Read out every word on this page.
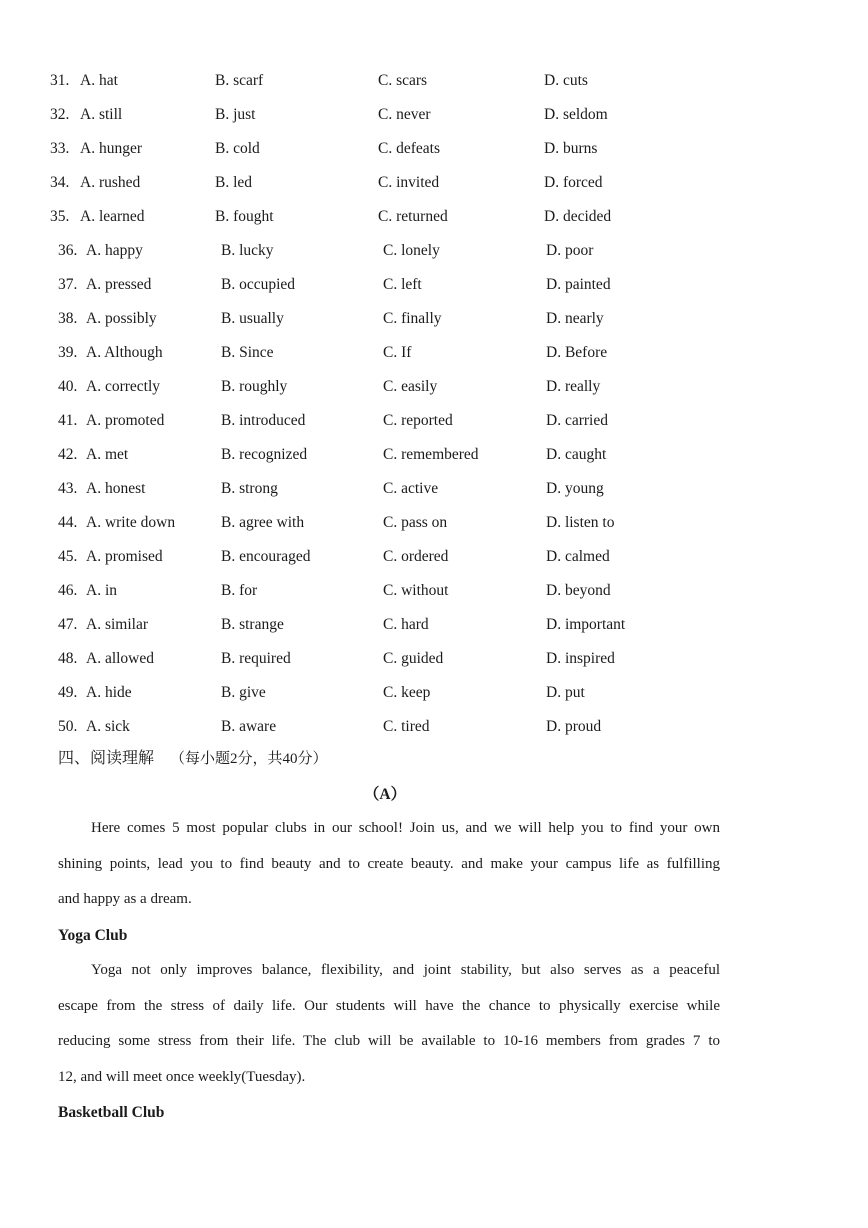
31. A. hat	B. scarf	C. scars	D. cuts
32. A. still	B. just	C. never	D. seldom
33. A. hunger	B. cold	C. defeats	D. burns
34. A. rushed	B. led	C. invited	D. forced
35. A. learned	B. fought	C. returned	D. decided
36. A. happy	B. lucky	C. lonely	D. poor
37. A. pressed	B. occupied	C. left	D. painted
38. A. possibly	B. usually	C. finally	D. nearly
39. A. Although	B. Since	C. If	D. Before
40. A. correctly	B. roughly	C. easily	D. really
41. A. promoted	B. introduced	C. reported	D. carried
42. A. met	B. recognized	C. remembered	D. caught
43. A. honest	B. strong	C. active	D. young
44. A. write down	B. agree with	C. pass on	D. listen to
45. A. promised	B. encouraged	C. ordered	D. calmed
46. A. in	B. for	C. without	D. beyond
47. A. similar	B. strange	C. hard	D. important
48. A. allowed	B. required	C. guided	D. inspired
49. A. hide	B. give	C. keep	D. put
50. A. sick	B. aware	C. tired	D. proud
四、阅读理解 （每小题2分，共40分）
（A）
Here comes 5 most popular clubs in our school! Join us, and we will help you to find your own
shining points, lead you to find beauty and to create beauty. and make your campus life as fulfilling
and happy as a dream.
Yoga Club
Yoga not only improves balance, flexibility, and joint stability, but also serves as a peaceful
escape from the stress of daily life. Our students will have the chance to physically exercise while
reducing some stress from their life. The club will be available to 10-16 members from grades 7 to
12, and will meet once weekly(Tuesday).
Basketball Club
